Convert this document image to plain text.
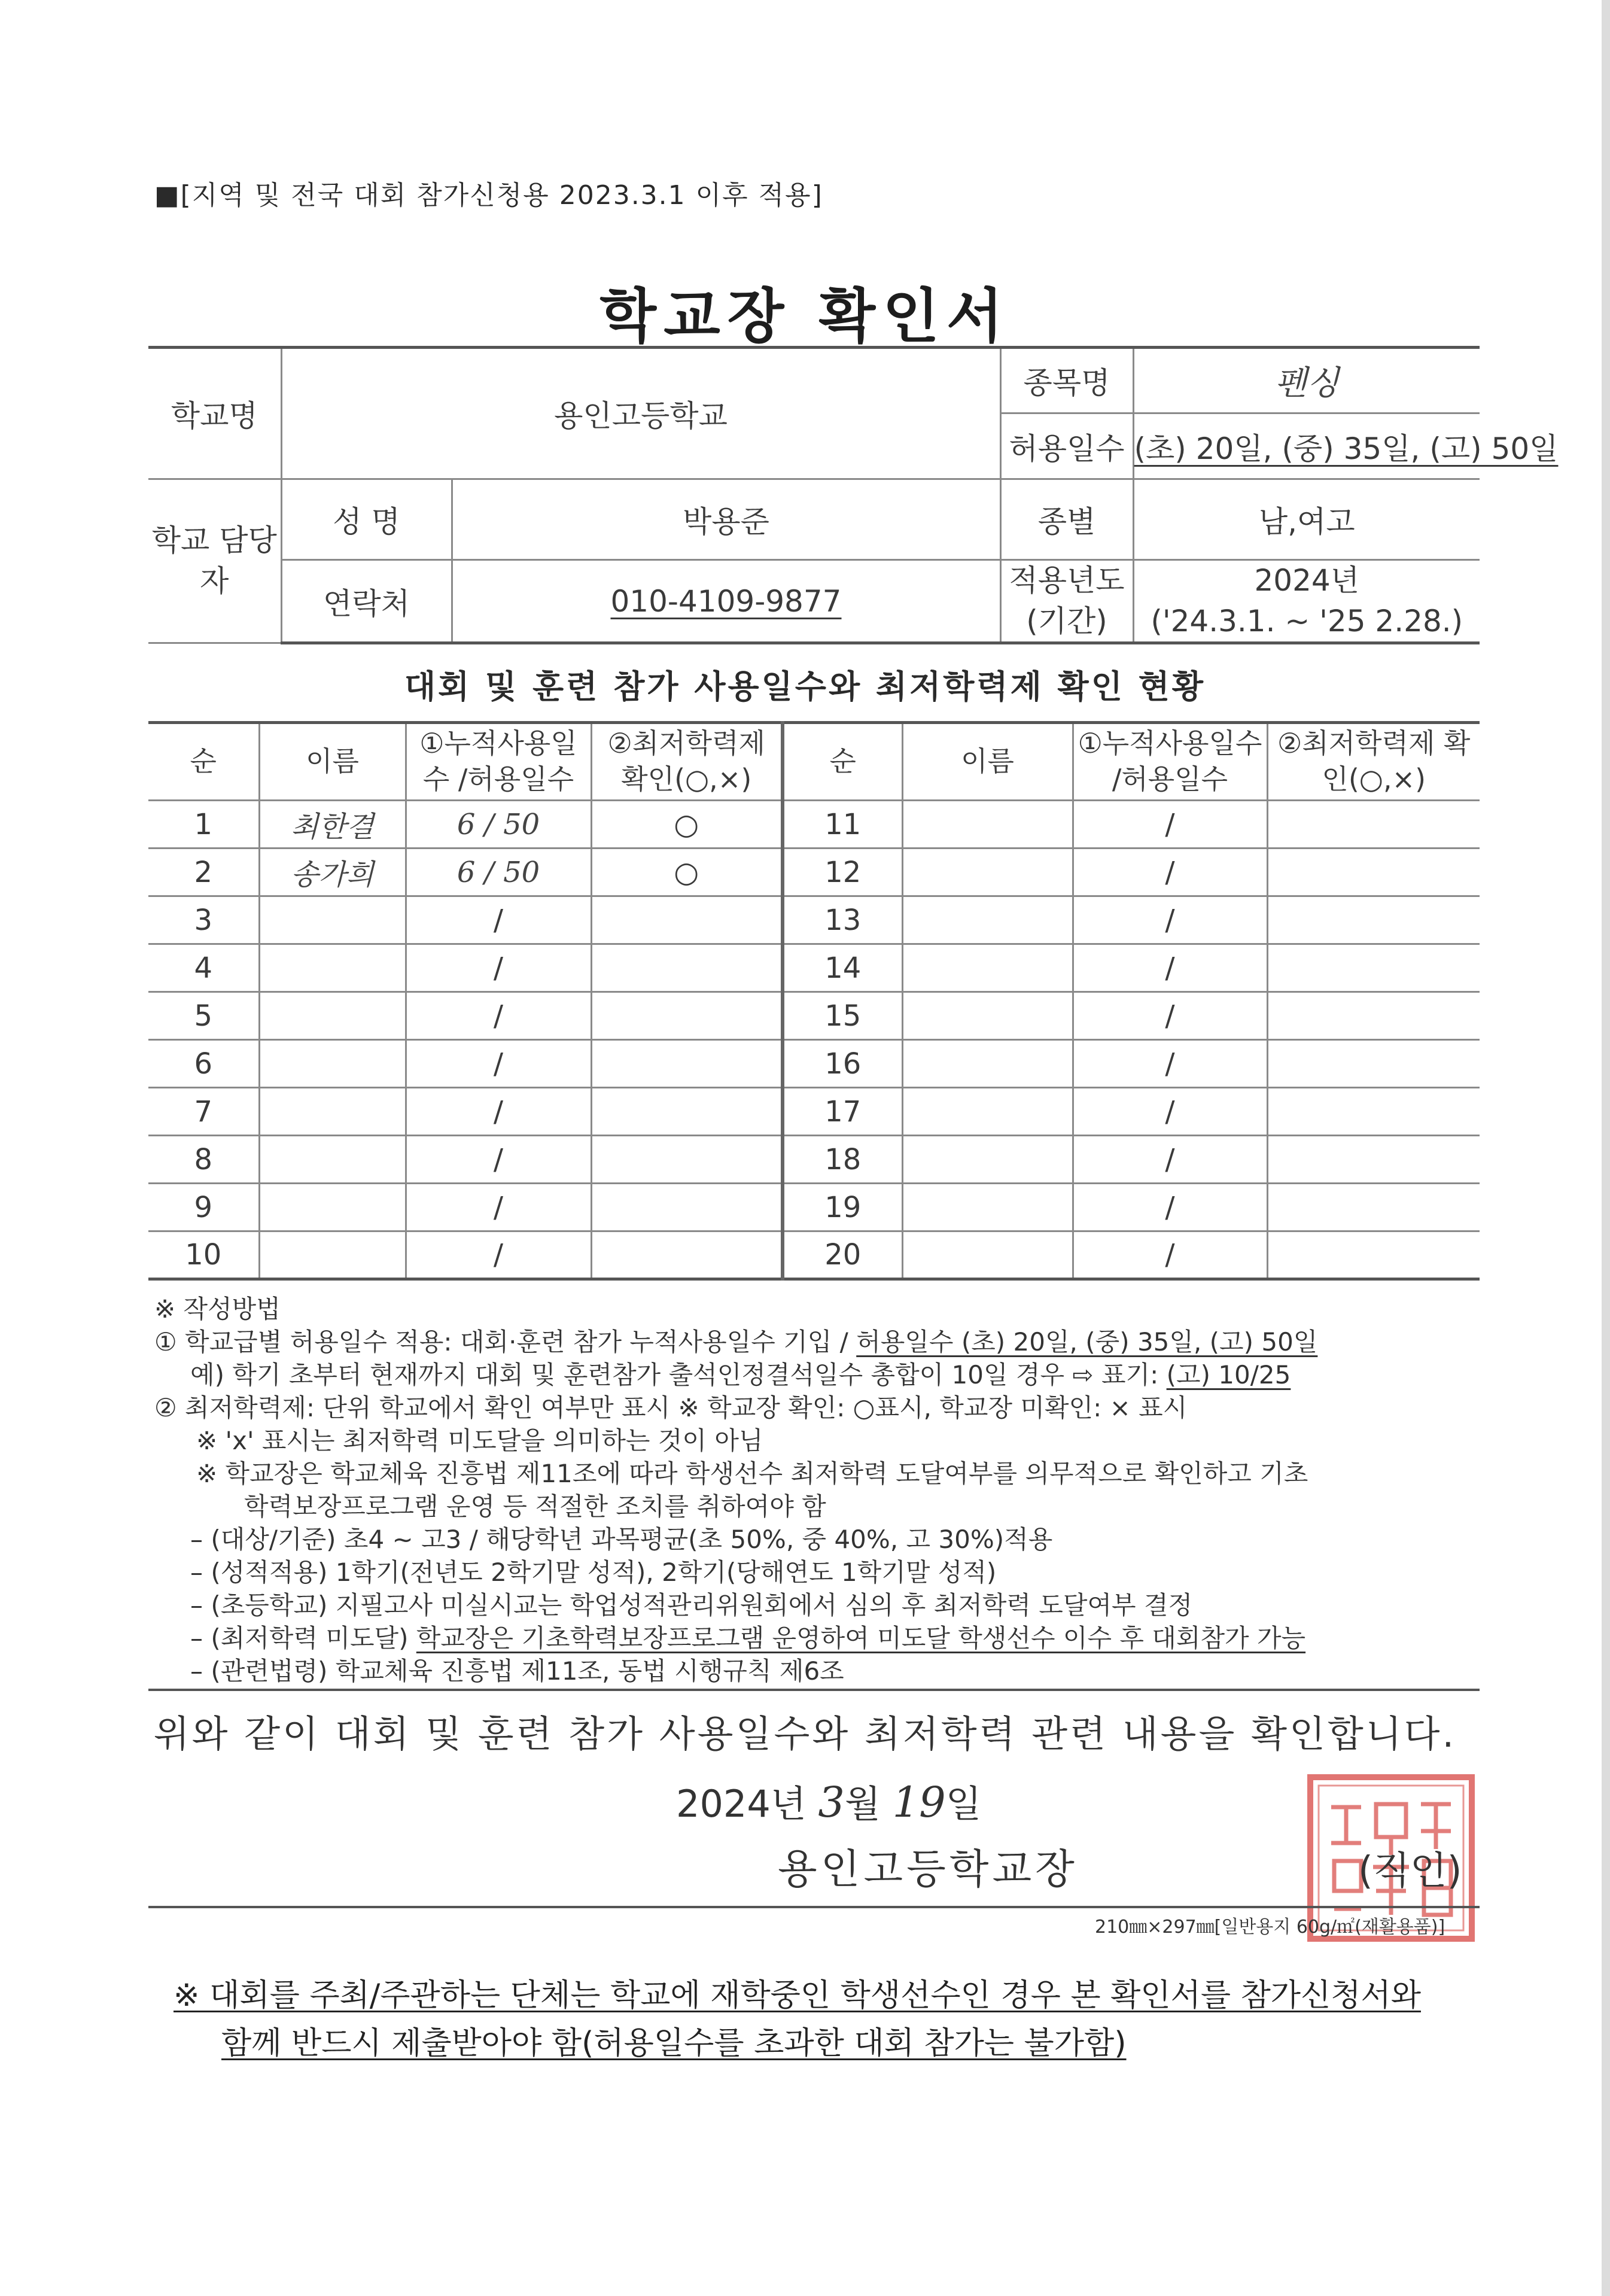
■[지역 및 전국 대회 참가신청용 2023.3.1 이후 적용]
학교장 확인서
학교명	용인고등학교		종목명	펜싱
			허용일수	(초) 20일, (중) 35일, (고) 50일
학교 담당자	성 명	박용준	종별	남,여고
	연락처	010-4109-9877	적용년도 (기간)	2024년
('24.3.1. ~ '25 2.28.)
대회 및 훈련 참가 사용일수와 최저학력제 확인 현황
순	이름	①누적사용일수 /허용일수	②최저학력제 확인(○,×)	순	이름	①누적사용일수 /허용일수	②최저학력제 확인(○,×)
1	최한결	6 / 50	○	11		/	
2	송가희	6 / 50	○	12		/	
3		/		13		/	
4		/		14		/	
5		/		15		/	
6		/		16		/	
7		/		17		/	
8		/		18		/	
9		/		19		/	
10		/		20		/	
※ 작성방법
① 학교급별 허용일수 적용: 대회·훈련 참가 누적사용일수 기입 / 허용일수 (초) 20일, (중) 35일, (고) 50일
예) 학기 초부터 현재까지 대회 및 훈련참가 출석인정결석일수 총합이 10일 경우 ⇨ 표기: (고) 10/25
② 최저학력제: 단위 학교에서 확인 여부만 표시 ※ 학교장 확인: ○표시, 학교장 미확인: × 표시
※ 'x' 표시는 최저학력 미도달을 의미하는 것이 아님
※ 학교장은 학교체육 진흥법 제11조에 따라 학생선수 최저학력 도달여부를 의무적으로 확인하고 기초
학력보장프로그램 운영 등 적절한 조치를 취하여야 함
– (대상/기준) 초4 ~ 고3 / 해당학년 과목평균(초 50%, 중 40%, 고 30%)적용
– (성적적용) 1학기(전년도 2학기말 성적), 2학기(당해연도 1학기말 성적)
– (초등학교) 지필고사 미실시교는 학업성적관리위원회에서 심의 후 최저학력 도달여부 결정
– (최저학력 미도달) 학교장은 기초학력보장프로그램 운영하여 미도달 학생선수 이수 후 대회참가 가능
– (관련법령) 학교체육 진흥법 제11조, 동법 시행규칙 제6조
위와 같이 대회 및 훈련 참가 사용일수와 최저학력 관련 내용을 확인합니다.
2024년 3월 19일
용인고등학교장	(직인)
210㎜×297㎜[일반용지 60g/㎡(재활용품)]
※ 대회를 주최/주관하는 단체는 학교에 재학중인 학생선수인 경우 본 확인서를 참가신청서와
함께 반드시 제출받아야 함(허용일수를 초과한 대회 참가는 불가함)
